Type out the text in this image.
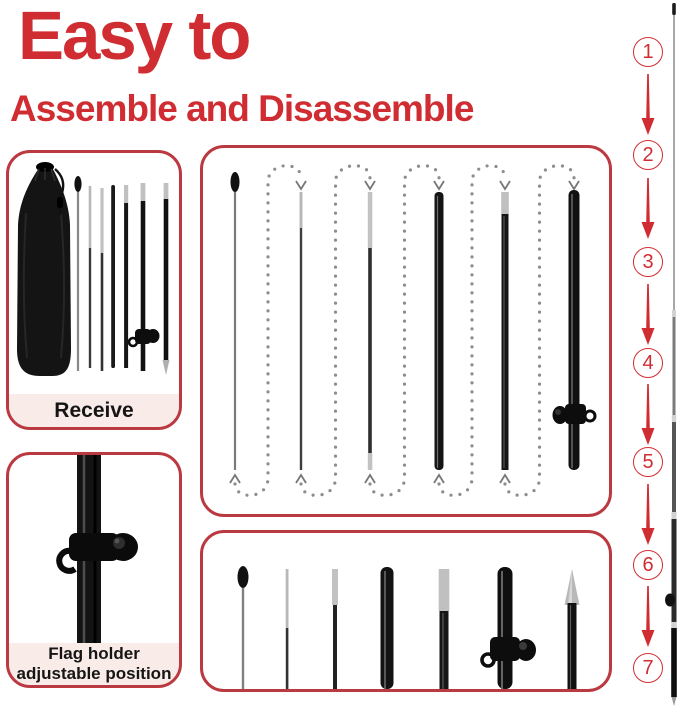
Easy to
Assemble and Disassemble
Receive
Flag holder
adjustable position
1
2
3
4
5
6
7
